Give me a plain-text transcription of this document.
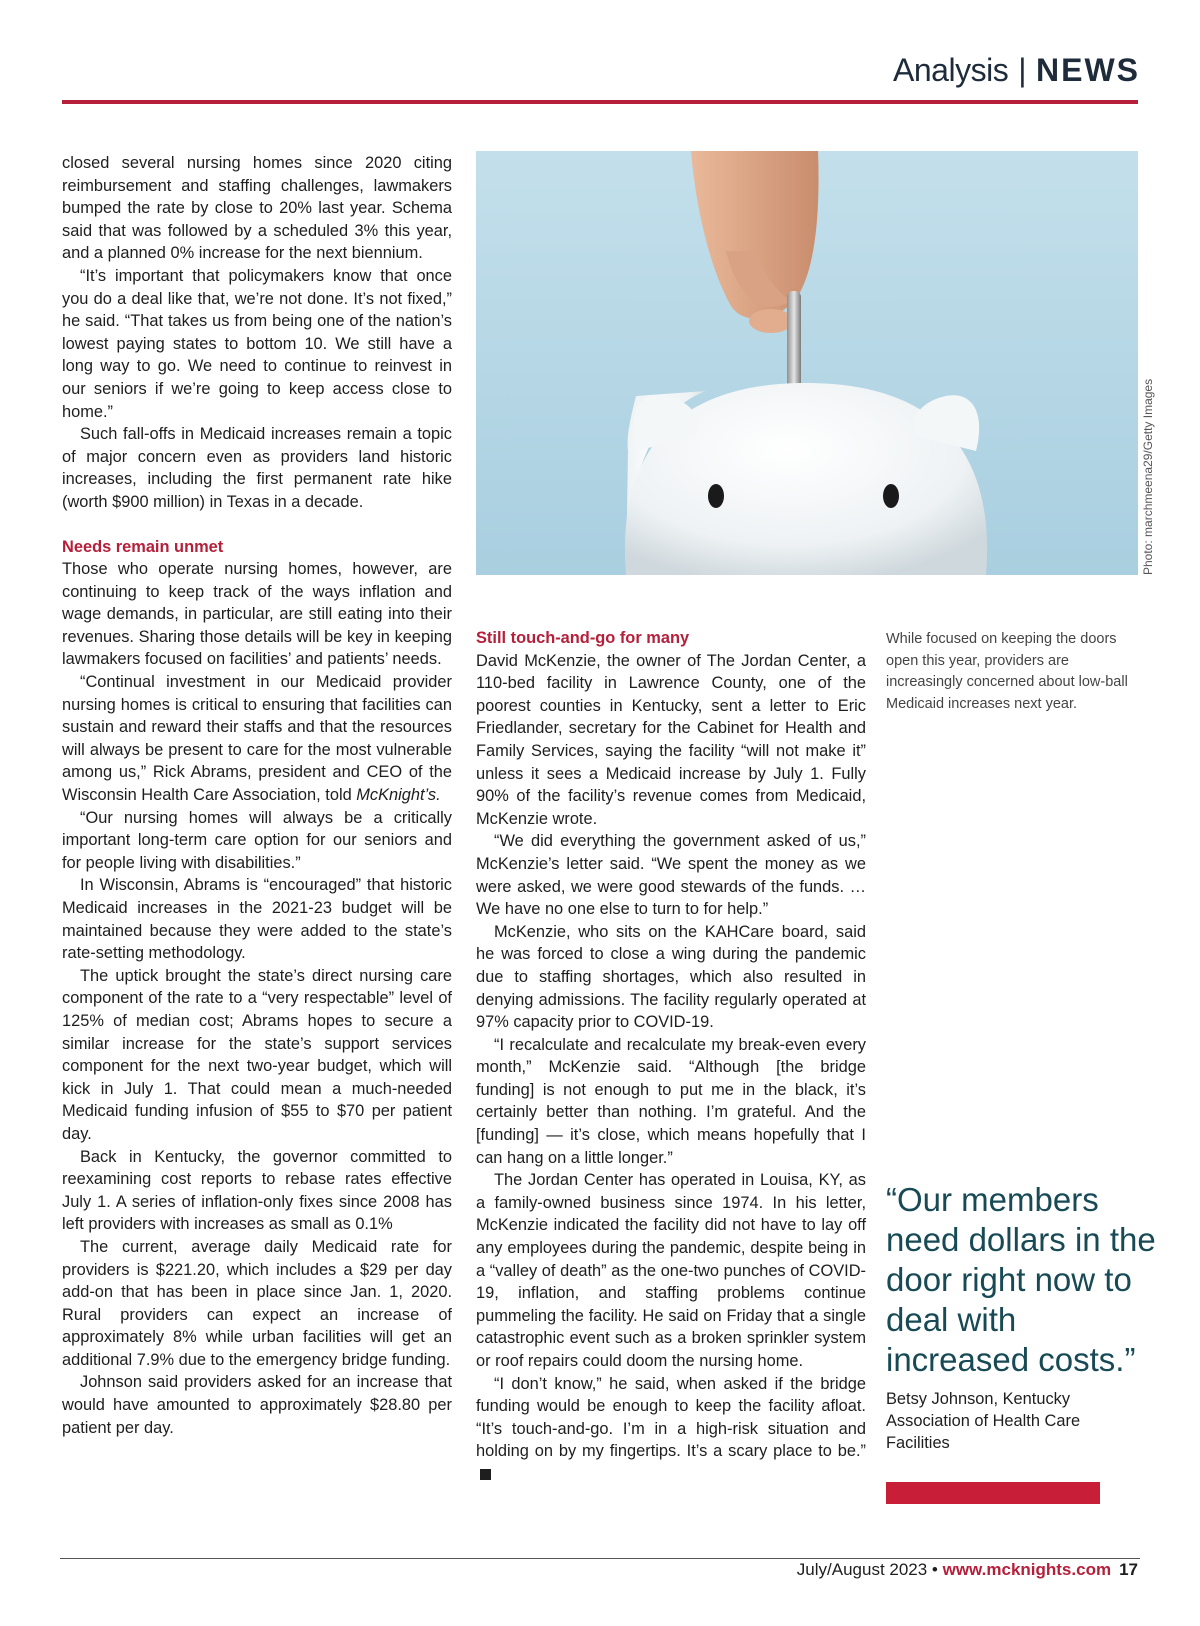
Analysis | NEWS

closed several nursing homes since 2020 citing reimbursement and staffing challenges, lawmakers bumped the rate by close to 20% last year. Schema said that was followed by a scheduled 3% this year, and a planned 0% increase for the next biennium.

“It’s important that policymakers know that once you do a deal like that, we’re not done. It’s not fixed,” he said. “That takes us from being one of the nation’s lowest paying states to bottom 10. We still have a long way to go. We need to continue to reinvest in our seniors if we’re going to keep access close to home.”

Such fall-offs in Medicaid increases remain a topic of major concern even as providers land historic increases, including the first permanent rate hike (worth $900 million) in Texas in a decade.

Needs remain unmet

Those who operate nursing homes, however, are continuing to keep track of the ways inflation and wage demands, in particular, are still eating into their revenues. Sharing those details will be key in keeping lawmakers focused on facilities’ and patients’ needs.

“Continual investment in our Medicaid provider nursing homes is critical to ensuring that facilities can sustain and reward their staffs and that the resources will always be present to care for the most vulnerable among us,” Rick Abrams, president and CEO of the Wisconsin Health Care Association, told McKnight’s.

“Our nursing homes will always be a critically important long-term care option for our seniors and for people living with disabilities.”

In Wisconsin, Abrams is “encouraged” that historic Medicaid increases in the 2021-23 budget will be maintained because they were added to the state’s rate-setting methodology.

The uptick brought the state’s direct nursing care component of the rate to a “very respectable” level of 125% of median cost; Abrams hopes to secure a similar increase for the state’s support services component for the next two-year budget, which will kick in July 1. That could mean a much-needed Medicaid funding infusion of $55 to $70 per patient day.

Back in Kentucky, the governor committed to reexamining cost reports to rebase rates effective July 1. A series of inflation-only fixes since 2008 has left providers with increases as small as 0.1%

The current, average daily Medicaid rate for providers is $221.20, which includes a $29 per day add-on that has been in place since Jan. 1, 2020. Rural providers can expect an increase of approximately 8% while urban facilities will get an additional 7.9% due to the emergency bridge funding.

Johnson said providers asked for an increase that would have amounted to approximately $28.80 per patient per day.

Photo: marchmeena29/Getty Images
While focused on keeping the doors open this year, providers are increasingly concerned about low-ball Medicaid increases next year.
Still touch-and-go for many

David McKenzie, the owner of The Jordan Center, a 110-bed facility in Lawrence County, one of the poorest counties in Kentucky, sent a letter to Eric Friedlander, secretary for the Cabinet for Health and Family Services, saying the facility “will not make it” unless it sees a Medicaid increase by July 1. Fully 90% of the facility’s revenue comes from Medicaid, McKenzie wrote.

“We did everything the government asked of us,” McKenzie’s letter said. “We spent the money as we were asked, we were good stewards of the funds. … We have no one else to turn to for help.”

McKenzie, who sits on the KAHCare board, said he was forced to close a wing during the pandemic due to staffing shortages, which also resulted in denying admissions. The facility regularly operated at 97% capacity prior to COVID-19.

“I recalculate and recalculate my break-even every month,” McKenzie said. “Although [the bridge funding] is not enough to put me in the black, it’s certainly better than nothing. I’m grateful. And the [funding] — it’s close, which means hopefully that I can hang on a little longer.”

The Jordan Center has operated in Louisa, KY, as a family-owned business since 1974. In his letter, McKenzie indicated the facility did not have to lay off any employees during the pandemic, despite being in a “valley of death” as the one-two punches of COVID-19, inflation, and staffing problems continue pummeling the facility. He said on Friday that a single catastrophic event such as a broken sprinkler system or roof repairs could doom the nursing home.

“I don’t know,” he said, when asked if the bridge funding would be enough to keep the facility afloat. “It’s touch-and-go. I’m in a high-risk situation and holding on by my fingertips. It’s a scary place to be.”

“Our members need dollars in the door right now to deal with increased costs.”
Betsy Johnson, Kentucky Association of Health Care Facilities
July/August 2023 • www.mcknights.com 17
